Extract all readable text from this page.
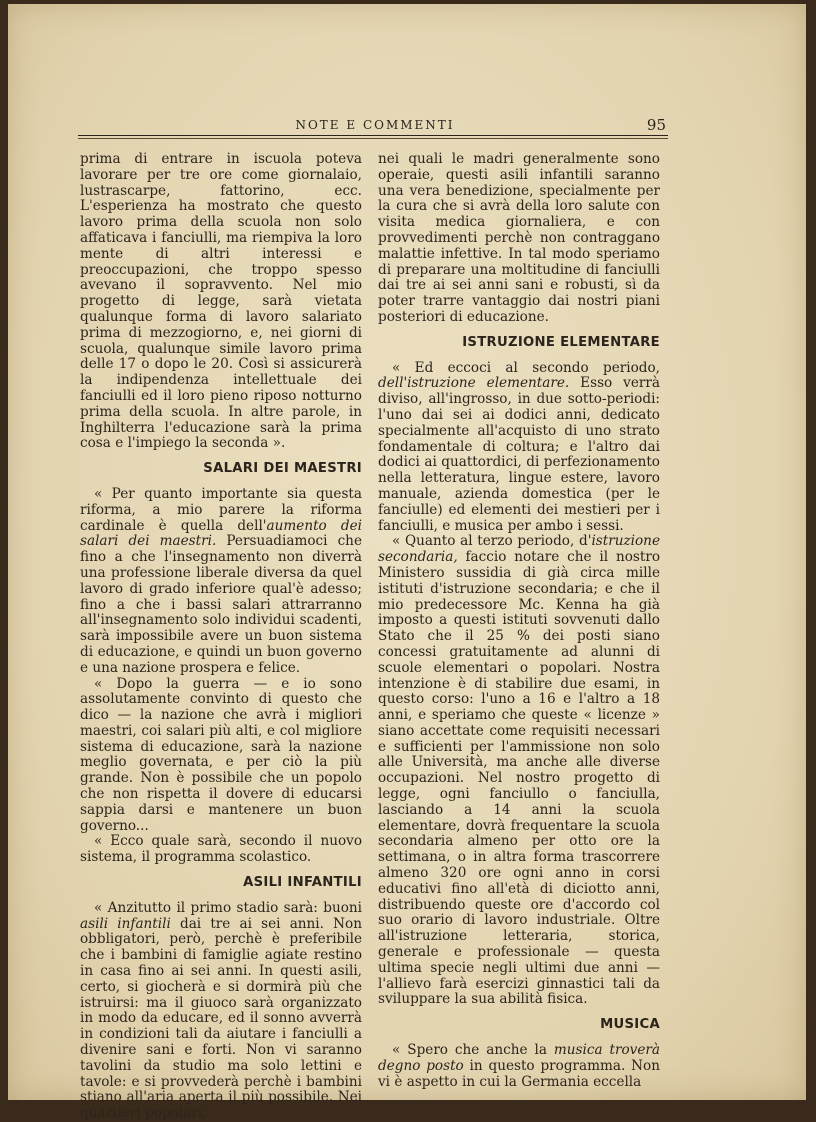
NOTE E COMMENTI	95

prima di entrare in iscuola poteva lavorare per tre ore come giornalaio, lustrascarpe, fattorino, ecc. L'esperienza ha mostrato che questo lavoro prima della scuola non solo affaticava i fanciulli, ma riempiva la loro mente di altri interessi e preoccupazioni, che troppo spesso avevano il sopravvento. Nel mio progetto di legge, sarà vietata qualunque forma di lavoro salariato prima di mezzogiorno, e, nei giorni di scuola, qualunque simile lavoro prima delle 17 o dopo le 20. Così si assicurerà la indipendenza intellettuale dei fanciulli ed il loro pieno riposo notturno prima della scuola. In altre parole, in Inghilterra l'educazione sarà la prima cosa e l'impiego la seconda ».

SALARI DEI MAESTRI

« Per quanto importante sia questa riforma, a mio parere la riforma cardinale è quella dell'aumento dei salari dei maestri. Persuadiamoci che fino a che l'insegnamento non diverrà una professione liberale diversa da quel lavoro di grado inferiore qual'è adesso; fino a che i bassi salari attrarranno all'insegnamento solo individui scadenti, sarà impossibile avere un buon sistema di educazione, e quindi un buon governo e una nazione prospera e felice.

« Dopo la guerra — e io sono assolutamente convinto di questo che dico — la nazione che avrà i migliori maestri, coi salari più alti, e col migliore sistema di educazione, sarà la nazione meglio governata, e per ciò la più grande. Non è possibile che un popolo che non rispetta il dovere di educarsi sappia darsi e mantenere un buon governo...

« Ecco quale sarà, secondo il nuovo sistema, il programma scolastico.

ASILI INFANTILI

« Anzitutto il primo stadio sarà: buoni asili infantili dai tre ai sei anni. Non obbligatori, però, perchè è preferibile che i bambini di famiglie agiate restino in casa fino ai sei anni. In questi asili, certo, si giocherà e si dormirà più che istruirsi: ma il giuoco sarà organizzato in modo da educare, ed il sonno avverrà in condizioni tali da aiutare i fanciulli a divenire sani e forti. Non vi saranno tavolini da studio ma solo lettini e tavole: e si provvederà perchè i bambini stiano all'aria aperta il più possibile. Nei quartieri popolari,

nei quali le madri generalmente sono operaie, questi asili infantili saranno una vera benedizione, specialmente per la cura che si avrà della loro salute con visita medica giornaliera, e con provvedimenti perchè non contraggano malattie infettive. In tal modo speriamo di preparare una moltitudine di fanciulli dai tre ai sei anni sani e robusti, sì da poter trarre vantaggio dai nostri piani posteriori di educazione.

ISTRUZIONE ELEMENTARE

« Ed eccoci al secondo periodo, dell'istruzione elementare. Esso verrà diviso, all'ingrosso, in due sotto-periodi: l'uno dai sei ai dodici anni, dedicato specialmente all'acquisto di uno strato fondamentale di coltura; e l'altro dai dodici ai quattordici, di perfezionamento nella letteratura, lingue estere, lavoro manuale, azienda domestica (per le fanciulle) ed elementi dei mestieri per i fanciulli, e musica per ambo i sessi.

« Quanto al terzo periodo, d'istruzione secondaria, faccio notare che il nostro Ministero sussidia di già circa mille istituti d'istruzione secondaria; e che il mio predecessore Mc. Kenna ha già imposto a questi istituti sovvenuti dallo Stato che il 25 % dei posti siano concessi gratuitamente ad alunni di scuole elementari o popolari. Nostra intenzione è di stabilire due esami, in questo corso: l'uno a 16 e l'altro a 18 anni, e speriamo che queste « licenze » siano accettate come requisiti necessari e sufficienti per l'ammissione non solo alle Università, ma anche alle diverse occupazioni. Nel nostro progetto di legge, ogni fanciullo o fanciulla, lasciando a 14 anni la scuola elementare, dovrà frequentare la scuola secondaria almeno per otto ore la settimana, o in altra forma trascorrere almeno 320 ore ogni anno in corsi educativi fino all'età di diciotto anni, distribuendo queste ore d'accordo col suo orario di lavoro industriale. Oltre all'istruzione letteraria, storica, generale e professionale — questa ultima specie negli ultimi due anni — l'allievo farà esercizi ginnastici tali da sviluppare la sua abilità fisica.

MUSICA

« Spero che anche la musica troverà degno posto in questo programma. Non vi è aspetto in cui la Germania eccella
